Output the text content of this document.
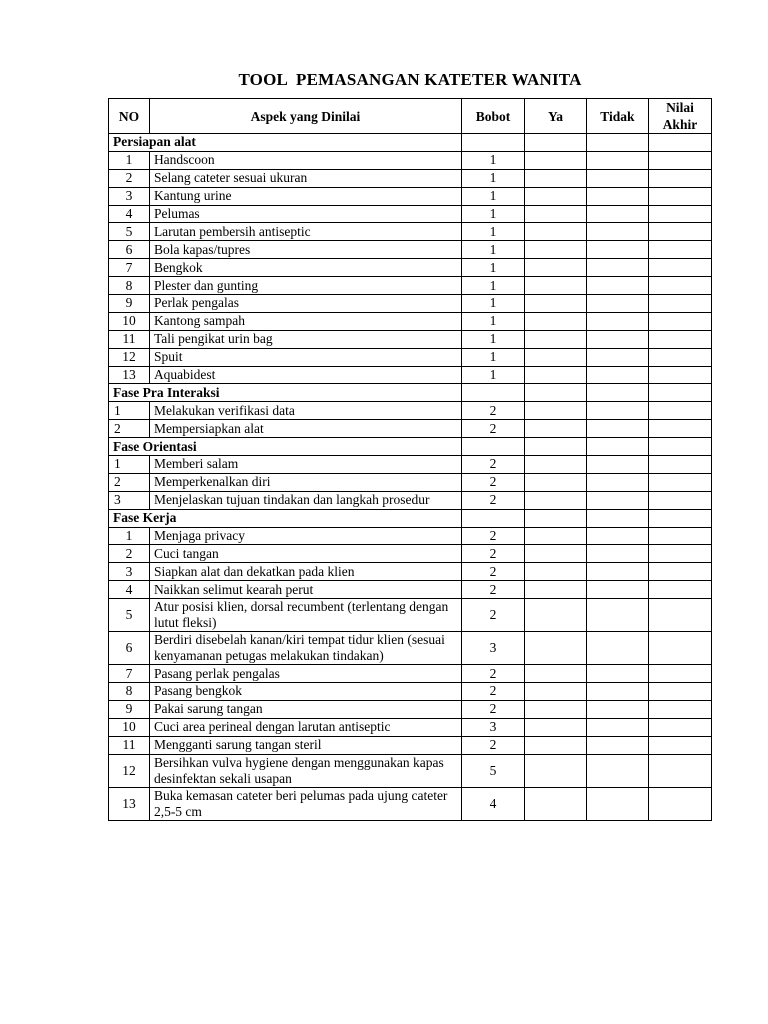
TOOL  PEMASANGAN KATETER WANITA
NO	Aspek yang Dinilai	Bobot	Ya	Tidak	Nilai
Akhir
Persiapan alat					
1	Handscoon	1			
2	Selang cateter sesuai ukuran	1			
3	Kantung urine	1			
4	Pelumas	1			
5	Larutan pembersih antiseptic	1			
6	Bola kapas/tupres	1			
7	Bengkok	1			
8	Plester dan gunting	1			
9	Perlak pengalas	1			
10	Kantong sampah	1			
11	Tali pengikat urin bag	1			
12	Spuit	1			
13	Aquabidest	1			
Fase Pra Interaksi					
1	Melakukan verifikasi data	2			
2	Mempersiapkan alat	2			
Fase Orientasi					
1	Memberi salam	2			
2	Memperkenalkan diri	2			
3	Menjelaskan tujuan tindakan dan langkah prosedur	2			
Fase Kerja					
1	Menjaga privacy	2			
2	Cuci tangan	2			
3	Siapkan alat dan dekatkan pada klien	2			
4	Naikkan selimut kearah perut	2			
5	Atur posisi klien, dorsal recumbent (terlentang dengan lutut fleksi)	2			
6	Berdiri disebelah kanan/kiri tempat tidur klien (sesuai kenyamanan petugas melakukan tindakan)	3			
7	Pasang perlak pengalas	2			
8	Pasang bengkok	2			
9	Pakai sarung tangan	2			
10	Cuci area perineal dengan larutan antiseptic	3			
11	Mengganti sarung tangan steril	2			
12	Bersihkan vulva hygiene dengan menggunakan kapas desinfektan sekali usapan	5			
13	Buka kemasan cateter beri pelumas pada ujung cateter 2,5-5 cm	4			
